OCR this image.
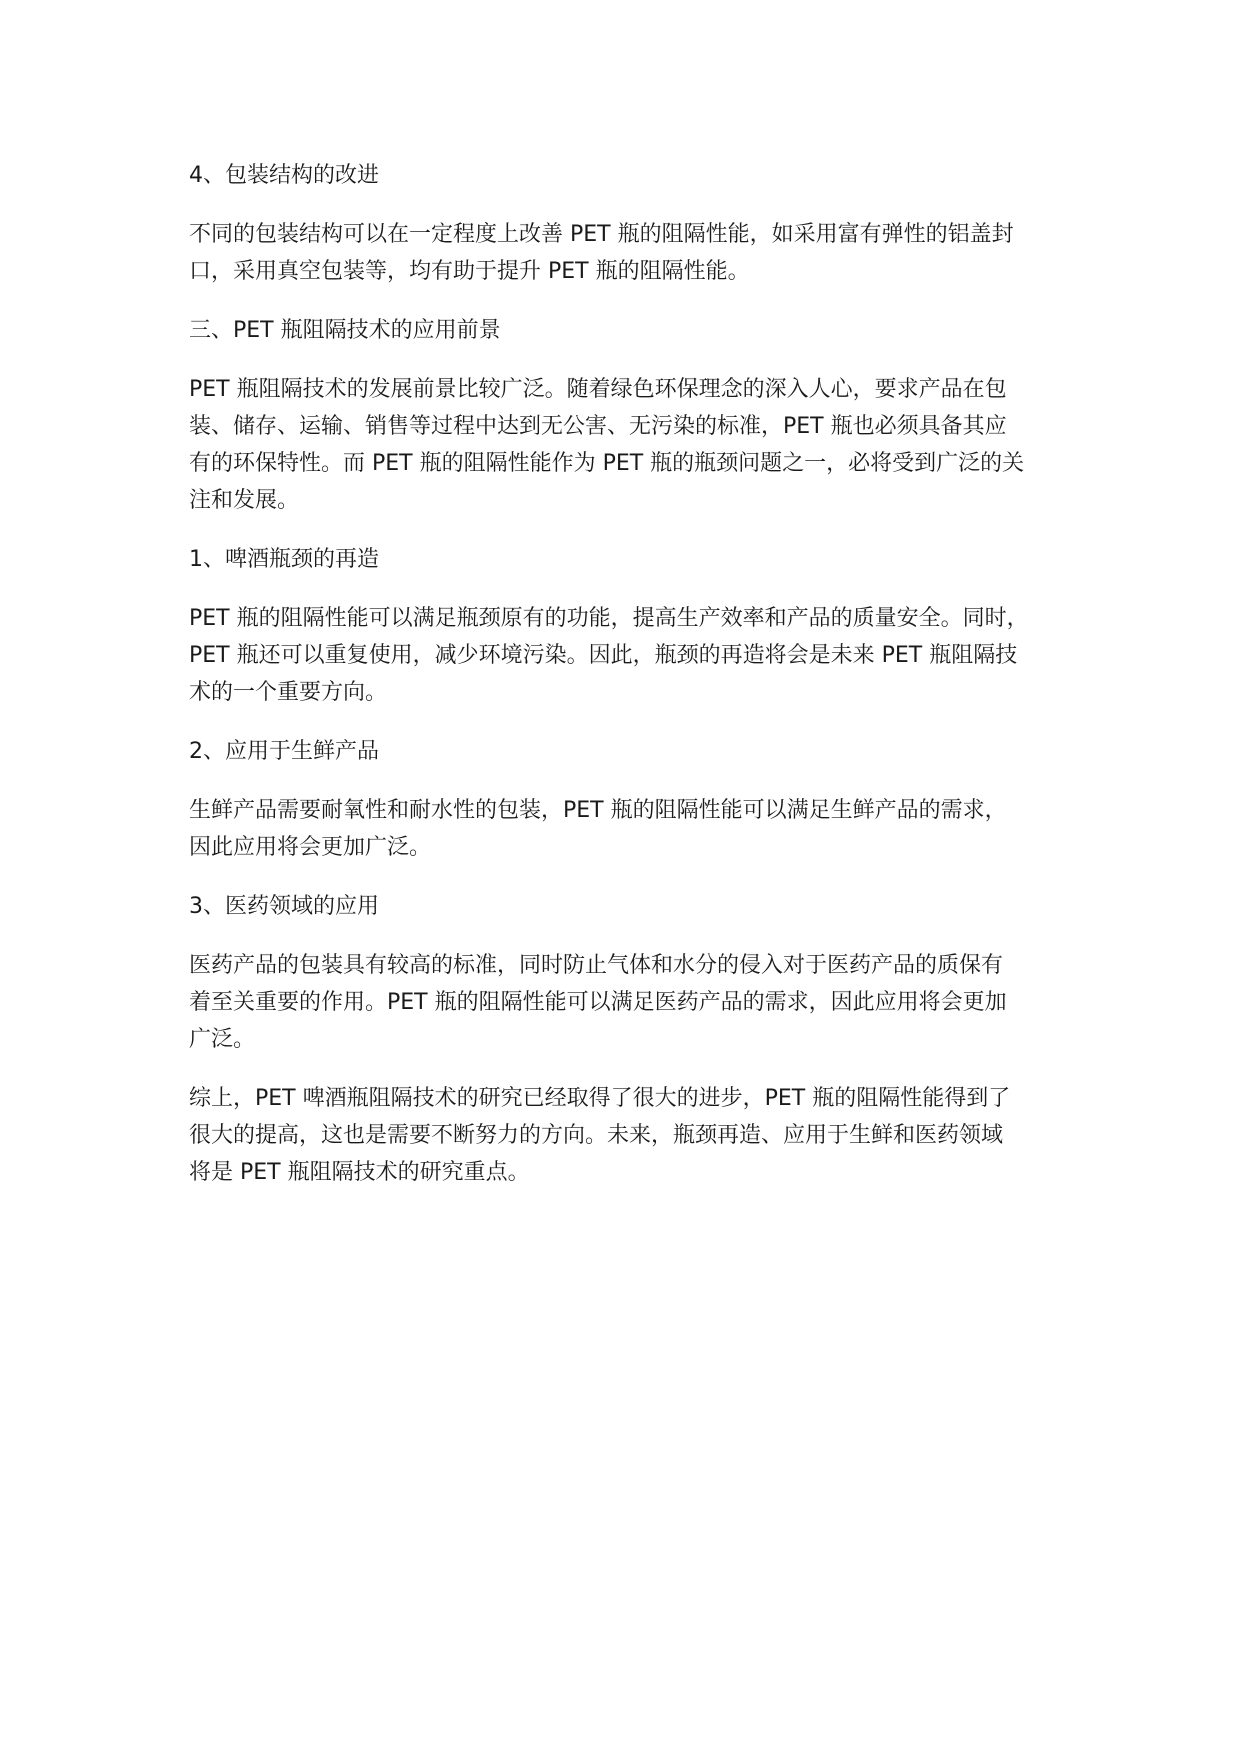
4、包装结构的改进

不同的包装结构可以在一定程度上改善 PET 瓶的阻隔性能，如采用富有弹性的铝盖封

口，采用真空包装等，均有助于提升 PET 瓶的阻隔性能。

三、PET 瓶阻隔技术的应用前景

PET 瓶阻隔技术的发展前景比较广泛。随着绿色环保理念的深入人心，要求产品在包

装、储存、运输、销售等过程中达到无公害、无污染的标准，PET 瓶也必须具备其应

有的环保特性。而 PET 瓶的阻隔性能作为 PET 瓶的瓶颈问题之一，必将受到广泛的关

注和发展。

1、啤酒瓶颈的再造

PET 瓶的阻隔性能可以满足瓶颈原有的功能，提高生产效率和产品的质量安全。同时，

PET 瓶还可以重复使用，减少环境污染。因此，瓶颈的再造将会是未来 PET 瓶阻隔技

术的一个重要方向。

2、应用于生鲜产品

生鲜产品需要耐氧性和耐水性的包装，PET 瓶的阻隔性能可以满足生鲜产品的需求，

因此应用将会更加广泛。

3、医药领域的应用

医药产品的包装具有较高的标准，同时防止气体和水分的侵入对于医药产品的质保有

着至关重要的作用。PET 瓶的阻隔性能可以满足医药产品的需求，因此应用将会更加

广泛。

综上，PET 啤酒瓶阻隔技术的研究已经取得了很大的进步，PET 瓶的阻隔性能得到了

很大的提高，这也是需要不断努力的方向。未来，瓶颈再造、应用于生鲜和医药领域

将是 PET 瓶阻隔技术的研究重点。
